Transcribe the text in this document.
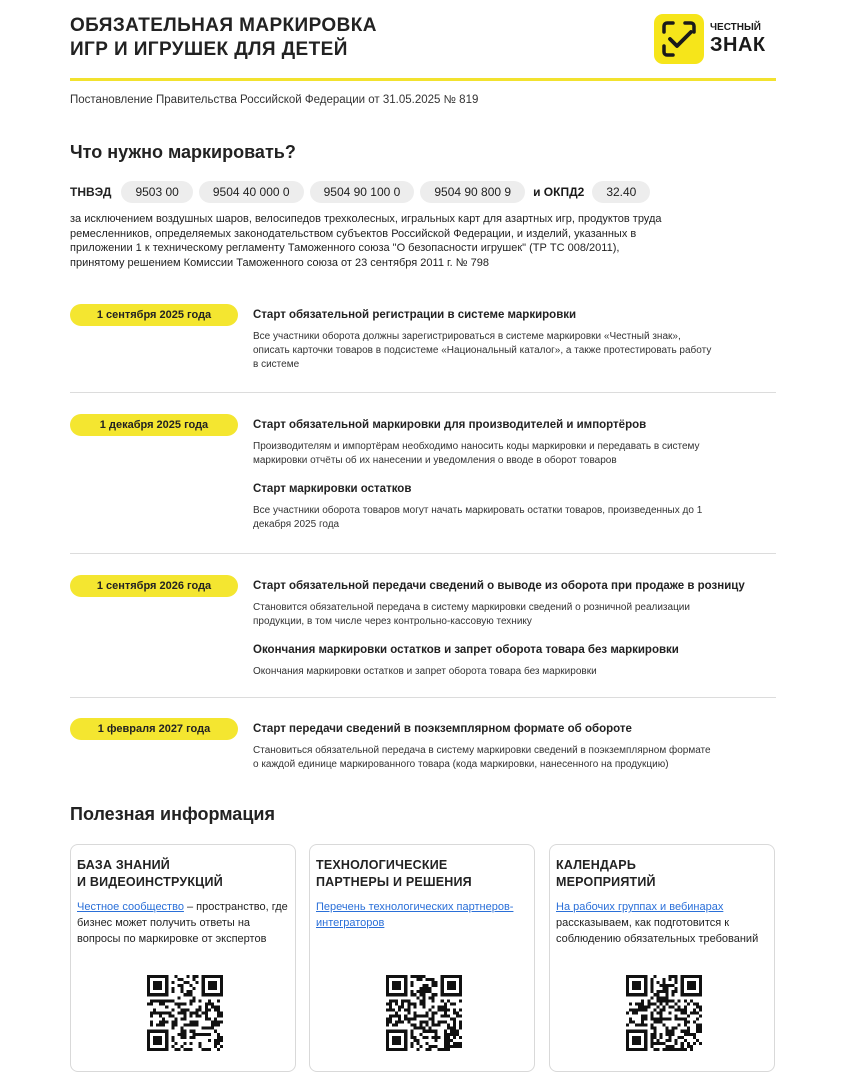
ОБЯЗАТЕЛЬНАЯ МАРКИРОВКА
ИГР И ИГРУШЕК ДЛЯ ДЕТЕЙ
ЧЕСТНЫЙ
ЗНАК
Постановление Правительства Российской Федерации от 31.05.2025 № 819
Что нужно маркировать?
ТНВЭД	9503 00	9504 40 000 0	9504 90 100 0	9504 90 800 9	и ОКПД2	32.40
за исключением воздушных шаров, велосипедов трехколесных, игральных карт для азартных игр, продуктов труда
ремесленников, определяемых законодательством субъектов Российской Федерации, и изделий, указанных в
приложении 1 к техническому регламенту Таможенного союза "О безопасности игрушек" (ТР ТС 008/2011),
принятому решением Комиссии Таможенного союза от 23 сентября 2011 г. № 798
1 сентября 2025 года	Старт обязательной регистрации в системе маркировки
Все участники оборота должны зарегистрироваться в системе маркировки «Честный знак»,
описать карточки товаров в подсистеме «Национальный каталог», а также протестировать работу
в системе
1 декабря 2025 года	Старт обязательной маркировки для производителей и импортёров
Производителям и импортёрам необходимо наносить коды маркировки и передавать в систему
маркировки отчёты об их нанесении и уведомления о вводе в оборот товаров
Старт маркировки остатков
Все участники оборота товаров могут начать маркировать остатки товаров, произведенных до 1
декабря 2025 года
1 сентября 2026 года	Старт обязательной передачи сведений о выводе из оборота при продаже в розницу
Становится обязательной передача в систему маркировки сведений о розничной реализации
продукции, в том числе через контрольно-кассовую технику
Окончания маркировки остатков и запрет оборота товара без маркировки
Окончания маркировки остатков и запрет оборота товара без маркировки
1 февраля 2027 года	Старт передачи сведений в поэкземплярном формате об обороте
Становиться обязательной передача в систему маркировки сведений в поэкземплярном формате
о каждой единице маркированного товара (кода маркировки, нанесенного на продукцию)
Полезная информация
БАЗА ЗНАНИЙ
И ВИДЕОИНСТРУКЦИЙ
Честное сообщество – пространство, где бизнес может получить ответы на вопросы по маркировке от экспертов
ТЕХНОЛОГИЧЕСКИЕ
ПАРТНЕРЫ И РЕШЕНИЯ
Перечень технологических партнеров-интеграторов
КАЛЕНДАРЬ
МЕРОПРИЯТИЙ
На рабочих группах и вебинарах рассказываем, как подготовится к соблюдению обязательных требований
